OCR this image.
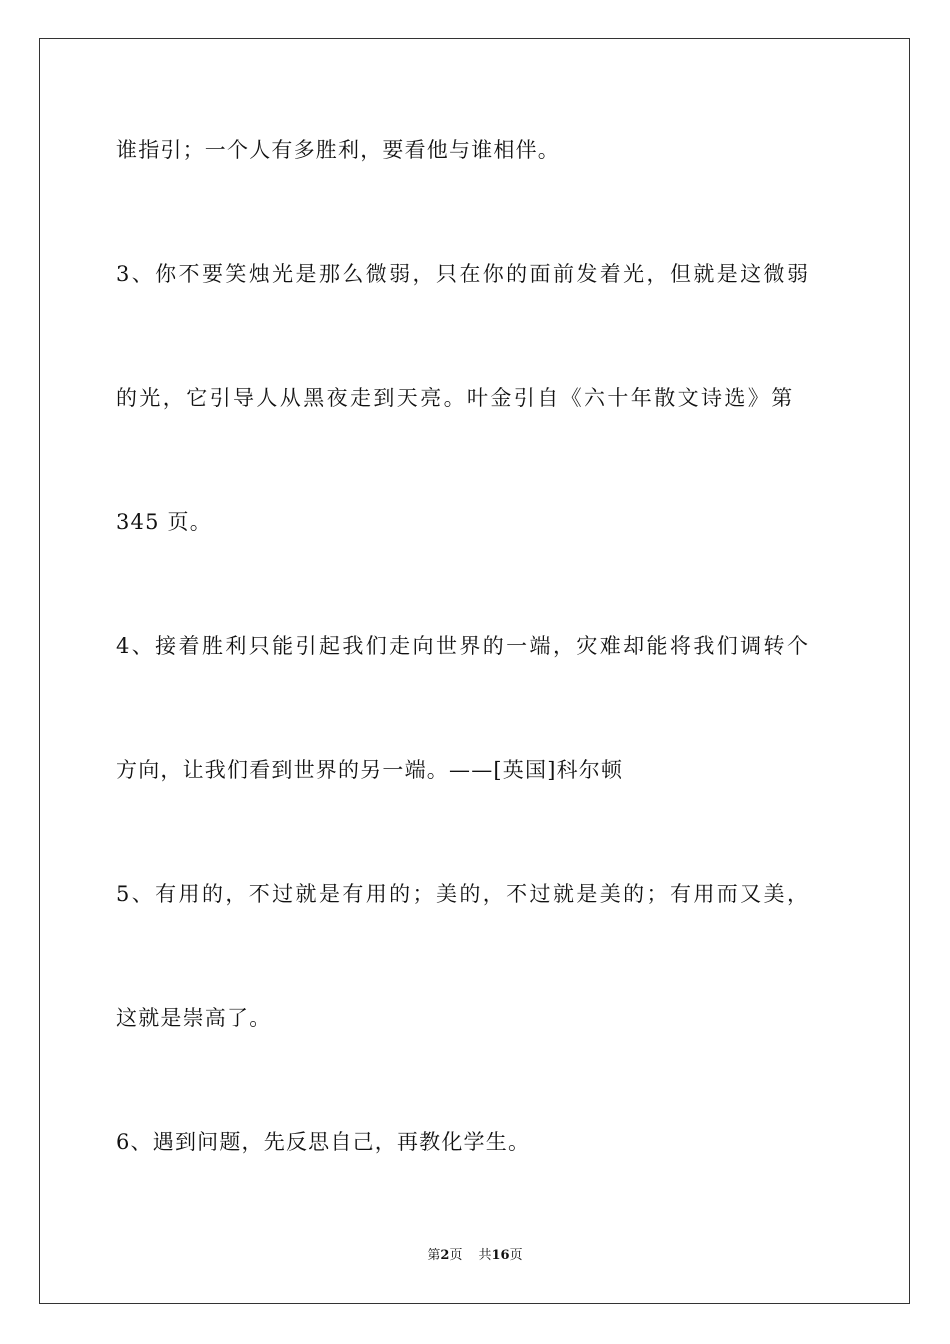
谁指引；一个人有多胜利，要看他与谁相伴。
3、你不要笑烛光是那么微弱，只在你的面前发着光，但就是这微弱
的光，它引导人从黑夜走到天亮。叶金引自《六十年散文诗选》第
345 页。
4、接着胜利只能引起我们走向世界的一端，灾难却能将我们调转个
方向，让我们看到世界的另一端。——[英国]科尔顿
5、有用的，不过就是有用的；美的，不过就是美的；有用而又美，
这就是崇高了。
6、遇到问题，先反思自己，再教化学生。
第2页 共16页
